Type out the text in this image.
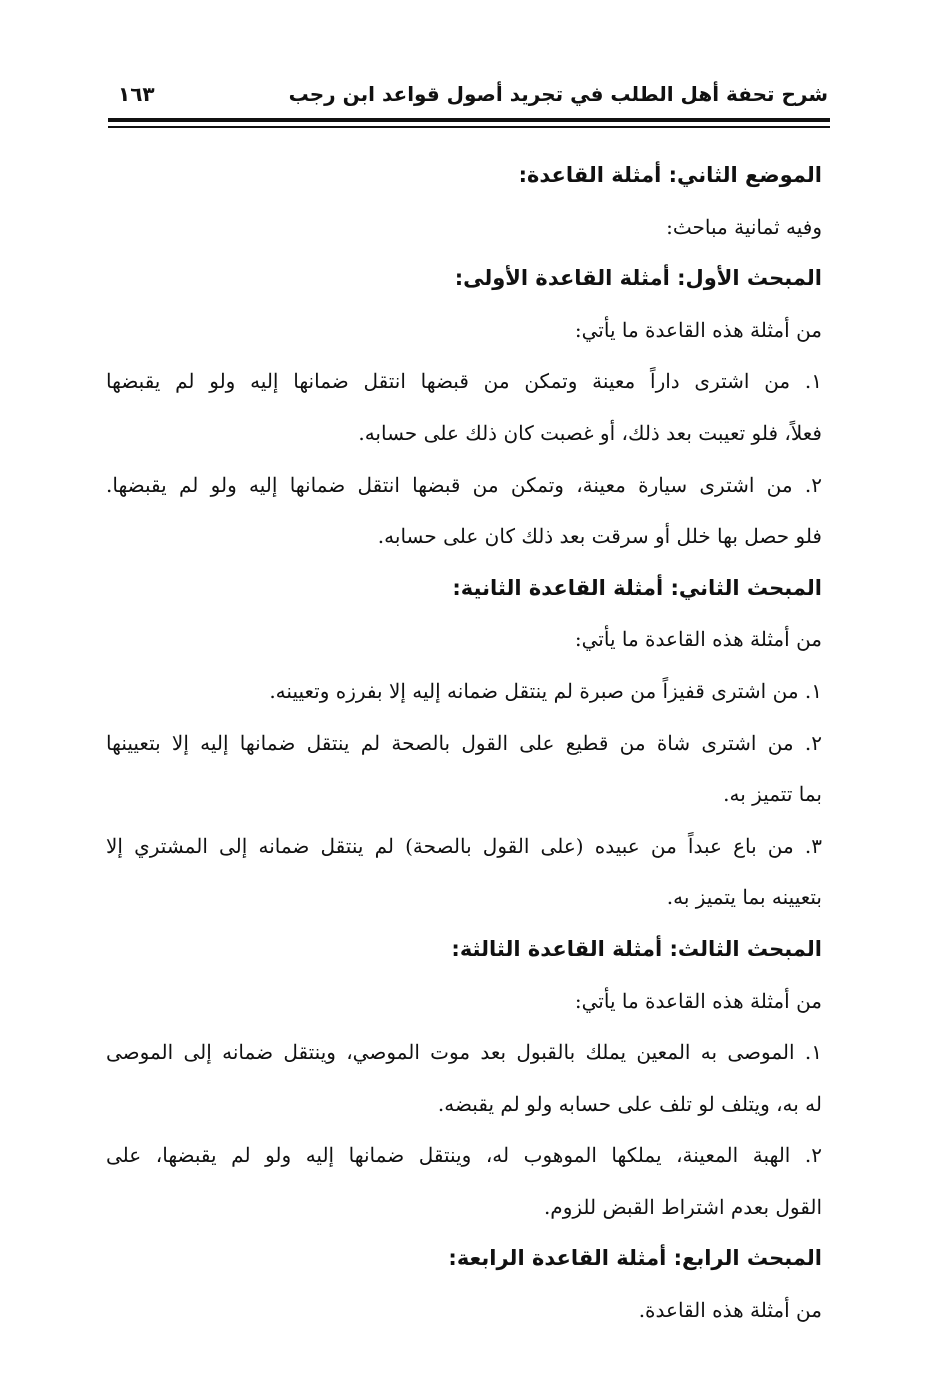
شرح تحفة أهل الطلب في تجريد أصول قواعد ابن رجب
١٦٣
الموضع الثاني: أمثلة القاعدة:
وفيه ثمانية مباحث:
المبحث الأول: أمثلة القاعدة الأولى:
من أمثلة هذه القاعدة ما يأتي:
١. من اشترى داراً معينة وتمكن من قبضها انتقل ضمانها إليه ولو لم يقبضها
فعلاً، فلو تعيبت بعد ذلك، أو غصبت كان ذلك على حسابه.
٢. من اشترى سيارة معينة، وتمكن من قبضها انتقل ضمانها إليه ولو لم يقبضها.
فلو حصل بها خلل أو سرقت بعد ذلك كان على حسابه.
المبحث الثاني: أمثلة القاعدة الثانية:
من أمثلة هذه القاعدة ما يأتي:
١. من اشترى قفيزاً من صبرة لم ينتقل ضمانه إليه إلا بفرزه وتعيينه.
٢. من اشترى شاة من قطيع على القول بالصحة لم ينتقل ضمانها إليه إلا بتعيينها
بما تتميز به.
٣. من باع عبداً من عبيده (على القول بالصحة) لم ينتقل ضمانه إلى المشتري إلا
بتعيينه بما يتميز به.
المبحث الثالث: أمثلة القاعدة الثالثة:
من أمثلة هذه القاعدة ما يأتي:
١. الموصى به المعين يملك بالقبول بعد موت الموصي، وينتقل ضمانه إلى الموصى
له به، ويتلف لو تلف على حسابه ولو لم يقبضه.
٢. الهبة المعينة، يملكها الموهوب له، وينتقل ضمانها إليه ولو لم يقبضها، على
القول بعدم اشتراط القبض للزوم.
المبحث الرابع: أمثلة القاعدة الرابعة:
من أمثلة هذه القاعدة.
